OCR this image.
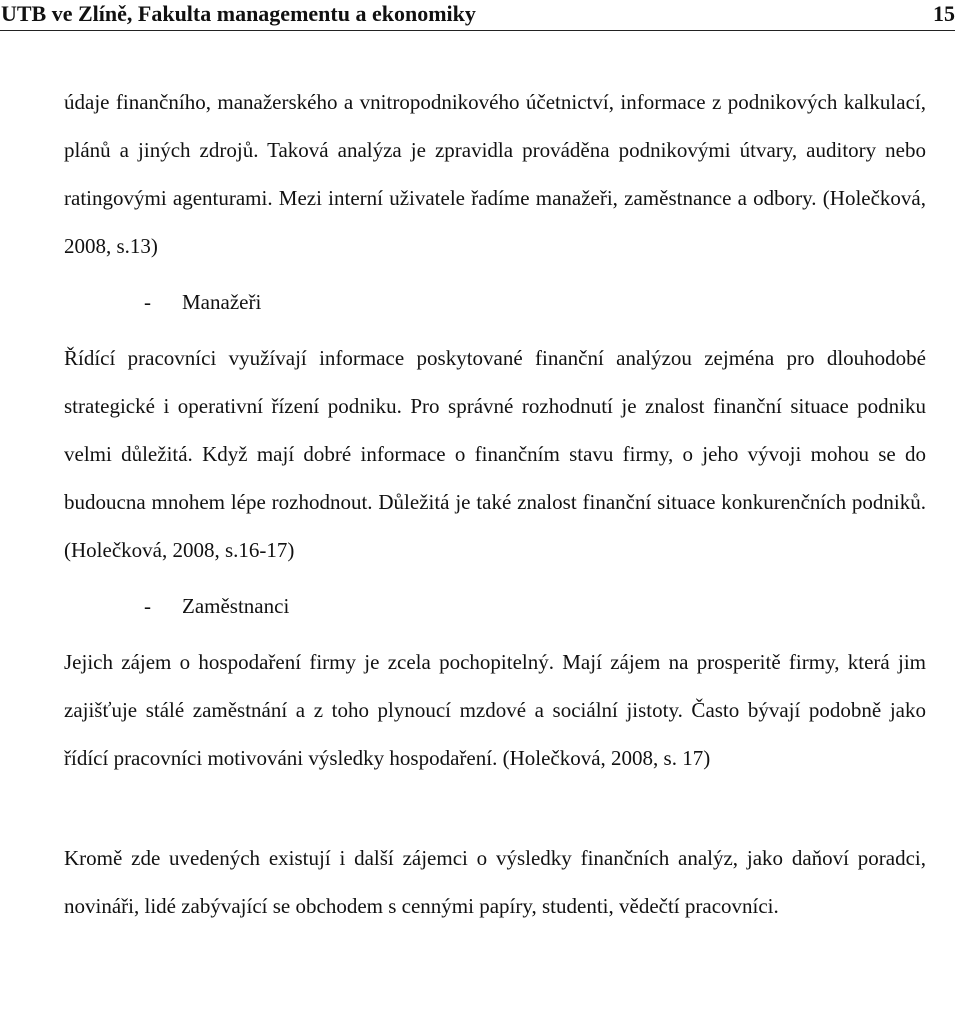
UTB ve Zlíně, Fakulta managementu a ekonomiky	15

údaje finančního, manažerského a vnitropodnikového účetnictví, informace z podnikových kalkulací, plánů a jiných zdrojů. Taková analýza je zpravidla prováděna podnikovými útvary, auditory nebo ratingovými agenturami. Mezi interní uživatele řadíme manažeři, zaměstnance a odbory. (Holečková, 2008, s.13)

- Manažeři

Řídící pracovníci využívají informace poskytované finanční analýzou zejména pro dlouhodobé strategické i operativní řízení podniku. Pro správné rozhodnutí je znalost finanční situace podniku velmi důležitá. Když mají dobré informace o finančním stavu firmy, o jeho vývoji mohou se do budoucna mnohem lépe rozhodnout. Důležitá je také znalost finanční situace konkurenčních podniků. (Holečková, 2008, s.16-17)

- Zaměstnanci

Jejich zájem o hospodaření firmy je zcela pochopitelný. Mají zájem na prosperitě firmy, která jim zajišťuje stálé zaměstnání a z toho plynoucí mzdové a sociální jistoty. Často bývají podobně jako řídící pracovníci motivováni výsledky hospodaření. (Holečková, 2008, s. 17)

Kromě zde uvedených existují i další zájemci o výsledky finančních analýz, jako daňoví poradci, novináři, lidé zabývající se obchodem s cennými papíry, studenti, vědečtí pracovníci.
